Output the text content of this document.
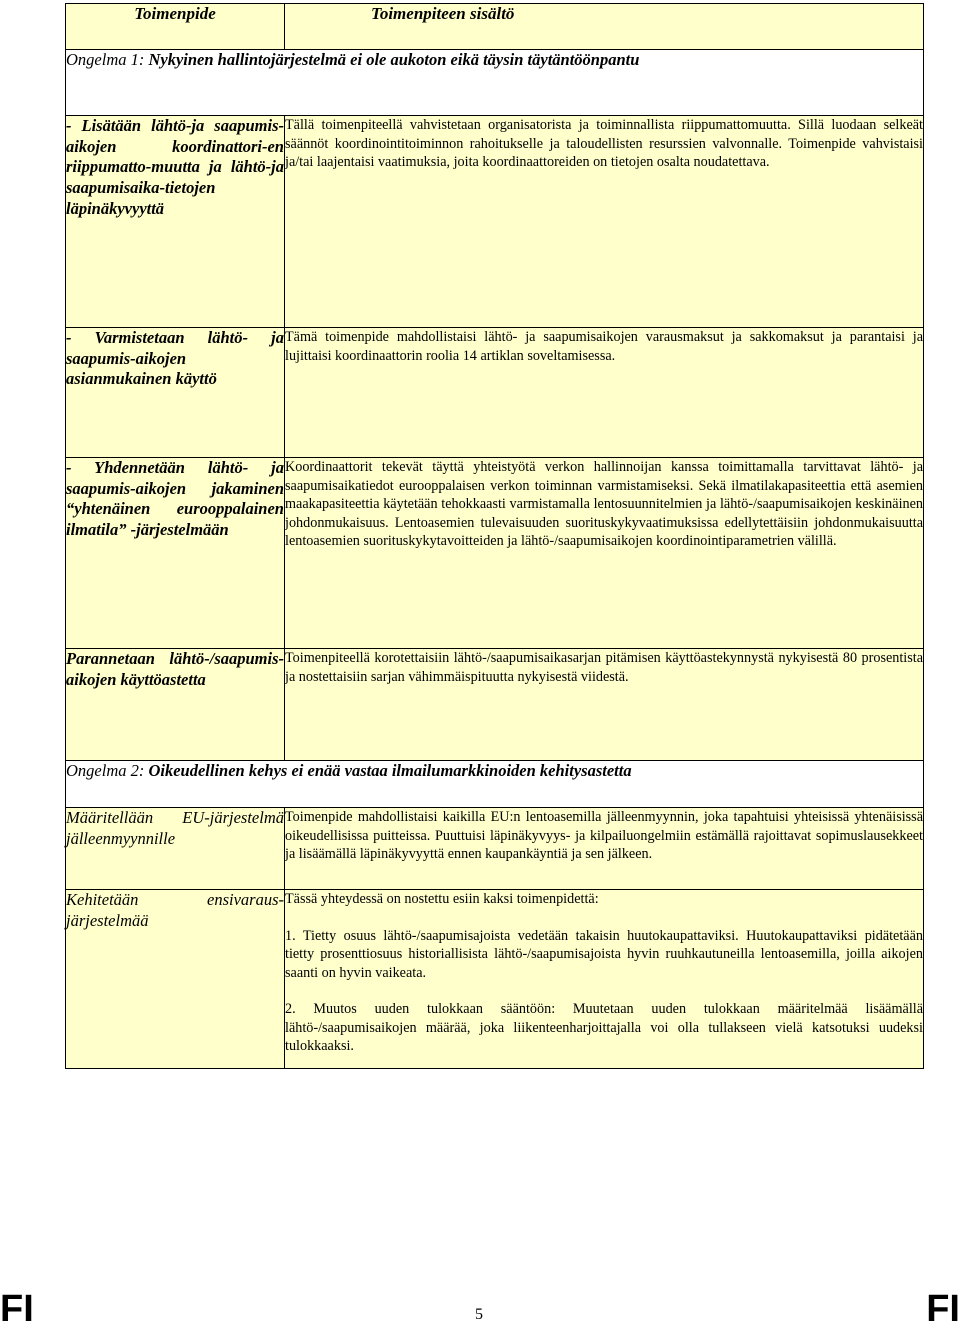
Toimenpide	Toimenpiteen sisältö
Ongelma 1: Nykyinen hallintojärjestelmä ei ole aukoton eikä täysin täytäntöönpantu	
- Lisätään lähtö-ja saapumis-aikojen koordinattori-en riippumatto-muutta ja lähtö-ja saapumisaika-tietojen läpinäkyvyyttä	Tällä toimenpiteellä vahvistetaan organisatorista ja toiminnallista riippumattomuutta. Sillä luodaan selkeät säännöt koordinointitoiminnon rahoitukselle ja taloudellisten resurssien valvonnalle. Toimenpide vahvistaisi ja/tai laajentaisi vaatimuksia, joita koordinaattoreiden on tietojen osalta noudatettava.

- Varmistetaan lähtö- ja saapumis-aikojen asianmukainen käyttö	Tämä toimenpide mahdollistaisi lähtö- ja saapumisaikojen varausmaksut ja sakkomaksut ja parantaisi ja lujittaisi koordinaattorin roolia 14 artiklan soveltamisessa.

- Yhdennetään lähtö- ja saapumis-aikojen jakaminen “yhtenäinen eurooppalainen ilmatila” -järjestelmään	Koordinaattorit tekevät täyttä yhteistyötä verkon hallinnoijan kanssa toimittamalla tarvittavat lähtö- ja saapumisaikatiedot eurooppalaisen verkon toiminnan varmistamiseksi. Sekä ilmatilakapasiteettia että asemien maakapasiteettia käytetään tehokkaasti varmistamalla lentosuunnitelmien ja lähtö-/saapumisaikojen keskinäinen johdonmukaisuus. Lentoasemien tulevaisuuden suorituskykyvaatimuksissa edellytettäisiin johdonmukaisuutta lentoasemien suorituskykytavoitteiden ja lähtö-/saapumisaikojen koordinointiparametrien välillä.

Parannetaan lähtö-/saapumis-aikojen käyttöastetta	Toimenpiteellä korotettaisiin lähtö-/saapumisaikasarjan pitämisen käyttöastekynnystä nykyisestä 80 prosentista ja nostettaisiin sarjan vähimmäispituutta nykyisestä viidestä.

Ongelma 2: Oikeudellinen kehys ei enää vastaa ilmailumarkkinoiden kehitysastetta	
Määritellään EU-järjestelmä jälleenmyynnille	Toimenpide mahdollistaisi kaikilla EU:n lentoasemilla jälleenmyynnin, joka tapahtuisi yhteisissä yhtenäisissä oikeudellisissa puitteissa. Puuttuisi läpinäkyvyys- ja kilpailuongelmiin estämällä rajoittavat sopimuslausekkeet ja lisäämällä läpinäkyvyyttä ennen kaupankäyntiä ja sen jälkeen.

Kehitetään ensivaraus-järjestelmää	Tässä yhteydessä on nostettu esiin kaksi toimenpidettä:

1. Tietty osuus lähtö-/saapumisajoista vedetään takaisin huutokaupattaviksi. Huutokaupattaviksi pidätetään tietty prosenttiosuus historiallisista lähtö-/saapumisajoista hyvin ruuhkautuneilla lentoasemilla, joilla aikojen saanti on hyvin vaikeata.

2. Muutos uuden tulokkaan sääntöön: Muutetaan uuden tulokkaan määritelmää lisäämällä lähtö-/saapumisaikojen määrää, joka liikenteenharjoittajalla voi olla tullakseen vielä katsotuksi uudeksi tulokkaaksi.

FI	5	FI
